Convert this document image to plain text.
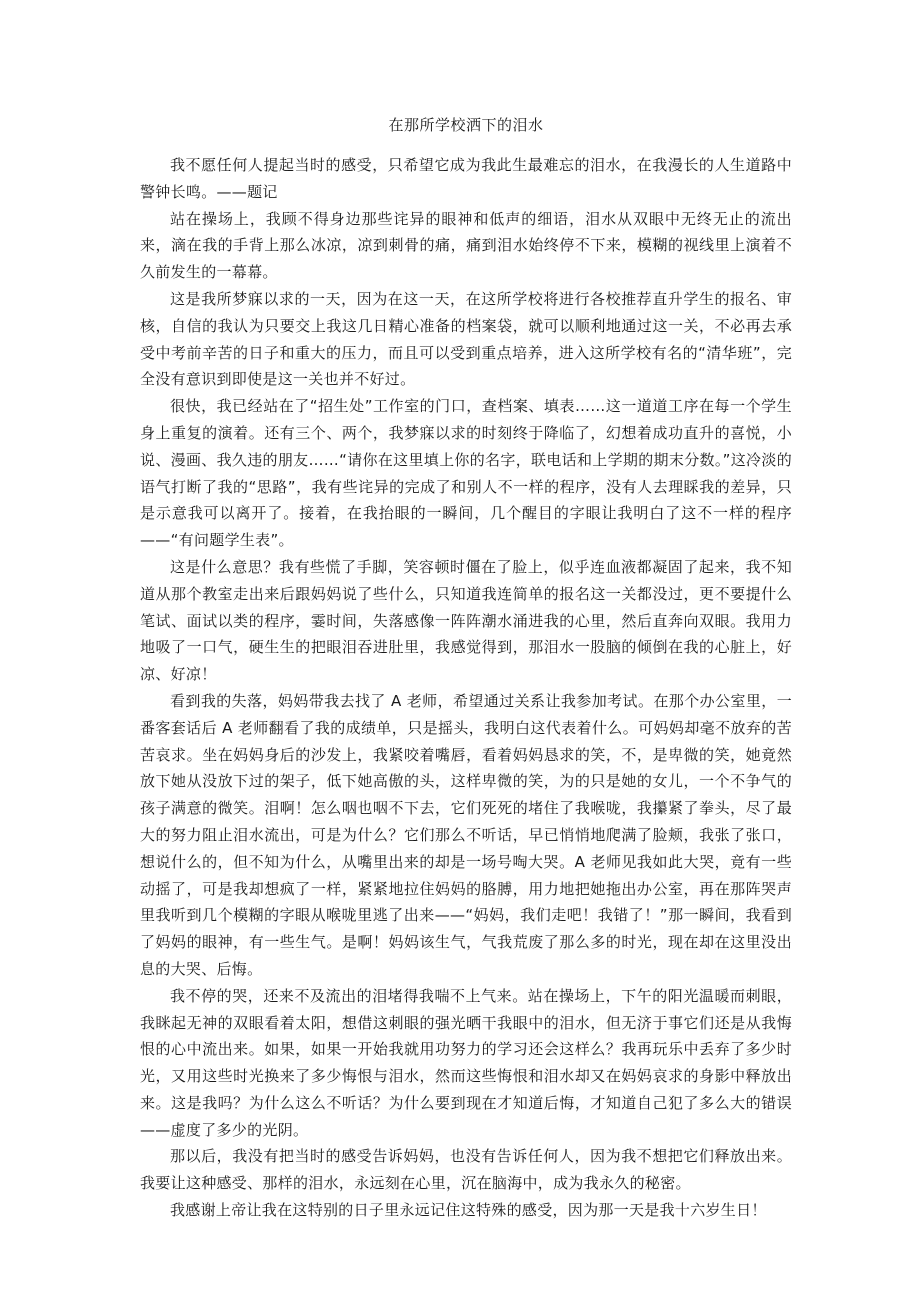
在那所学校洒下的泪水

我不愿任何人提起当时的感受，只希望它成为我此生最难忘的泪水，在我漫长的人生道路中警钟长鸣。——题记

站在操场上，我顾不得身边那些诧异的眼神和低声的细语，泪水从双眼中无终无止的流出来，滴在我的手背上那么冰凉，凉到刺骨的痛，痛到泪水始终停不下来，模糊的视线里上演着不久前发生的一幕幕。

这是我所梦寐以求的一天，因为在这一天，在这所学校将进行各校推荐直升学生的报名、审核，自信的我认为只要交上我这几日精心准备的档案袋，就可以顺利地通过这一关，不必再去承受中考前辛苦的日子和重大的压力，而且可以受到重点培养，进入这所学校有名的“清华班”，完全没有意识到即使是这一关也并不好过。

很快，我已经站在了“招生处”工作室的门口，查档案、填表……这一道道工序在每一个学生身上重复的演着。还有三个、两个，我梦寐以求的时刻终于降临了，幻想着成功直升的喜悦，小说、漫画、我久违的朋友……“请你在这里填上你的名字，联电话和上学期的期末分数。”这冷淡的语气打断了我的“思路”，我有些诧异的完成了和别人不一样的程序，没有人去理睬我的差异，只是示意我可以离开了。接着，在我抬眼的一瞬间，几个醒目的字眼让我明白了这不一样的程序——“有问题学生表”。

这是什么意思？我有些慌了手脚，笑容顿时僵在了脸上，似乎连血液都凝固了起来，我不知道从那个教室走出来后跟妈妈说了些什么，只知道我连简单的报名这一关都没过，更不要提什么笔试、面试以类的程序，霎时间，失落感像一阵阵潮水涌进我的心里，然后直奔向双眼。我用力地吸了一口气，硬生生的把眼泪吞进肚里，我感觉得到，那泪水一股脑的倾倒在我的心脏上，好凉、好凉！

看到我的失落，妈妈带我去找了 A 老师，希望通过关系让我参加考试。在那个办公室里，一番客套话后 A 老师翻看了我的成绩单，只是摇头，我明白这代表着什么。可妈妈却毫不放弃的苦苦哀求。坐在妈妈身后的沙发上，我紧咬着嘴唇，看着妈妈恳求的笑，不，是卑微的笑，她竟然放下她从没放下过的架子，低下她高傲的头，这样卑微的笑，为的只是她的女儿，一个不争气的孩子满意的微笑。泪啊！怎么咽也咽不下去，它们死死的堵住了我喉咙，我攥紧了拳头，尽了最大的努力阻止泪水流出，可是为什么？它们那么不听话，早已悄悄地爬满了脸颊，我张了张口，想说什么的，但不知为什么，从嘴里出来的却是一场号啕大哭。A 老师见我如此大哭，竟有一些动摇了，可是我却想疯了一样，紧紧地拉住妈妈的胳膊，用力地把她拖出办公室，再在那阵哭声里我听到几个模糊的字眼从喉咙里逃了出来——“妈妈，我们走吧！我错了！”那一瞬间，我看到了妈妈的眼神，有一些生气。是啊！妈妈该生气，气我荒废了那么多的时光，现在却在这里没出息的大哭、后悔。

我不停的哭，还来不及流出的泪堵得我喘不上气来。站在操场上，下午的阳光温暖而刺眼，我眯起无神的双眼看着太阳，想借这刺眼的强光晒干我眼中的泪水，但无济于事它们还是从我悔恨的心中流出来。如果，如果一开始我就用功努力的学习还会这样么？我再玩乐中丢弃了多少时光，又用这些时光换来了多少悔恨与泪水，然而这些悔恨和泪水却又在妈妈哀求的身影中释放出来。这是我吗？为什么这么不听话？为什么要到现在才知道后悔，才知道自己犯了多么大的错误——虚度了多少的光阴。

那以后，我没有把当时的感受告诉妈妈，也没有告诉任何人，因为我不想把它们释放出来。我要让这种感受、那样的泪水，永远刻在心里，沉在脑海中，成为我永久的秘密。

我感谢上帝让我在这特别的日子里永远记住这特殊的感受，因为那一天是我十六岁生日！
